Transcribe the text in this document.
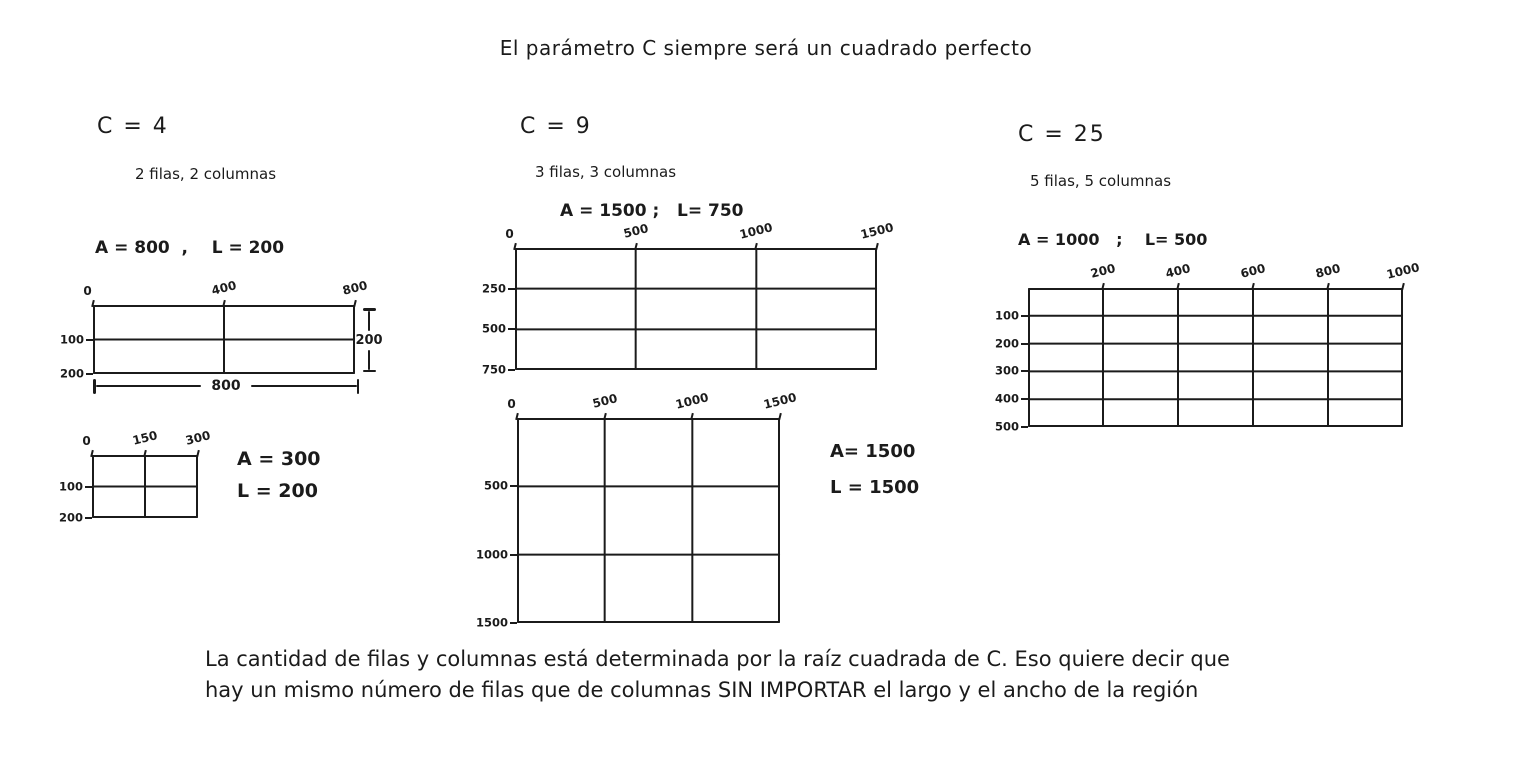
El parámetro C siempre será un cuadrado perfecto
C = 4
2 filas, 2 columnas
A = 800  ,    L = 200
0	400	800
100
200
200
800
0	150 300
100
200
A = 300
L = 200
C = 9
3 filas, 3 columnas
A = 1500 ;   L= 750
0	500	1000	1500
250
500
750
0	500	1000	1500
500
1000
1500
A= 1500
L = 1500
C = 25
5 filas, 5 columnas
A = 1000   ;    L= 500
200	400	600	800	1000
100
200
300
400
500
La cantidad de filas y columnas está determinada por la raíz cuadrada de C. Eso quiere decir que
hay un mismo número de filas que de columnas SIN IMPORTAR el largo y el ancho de la región
